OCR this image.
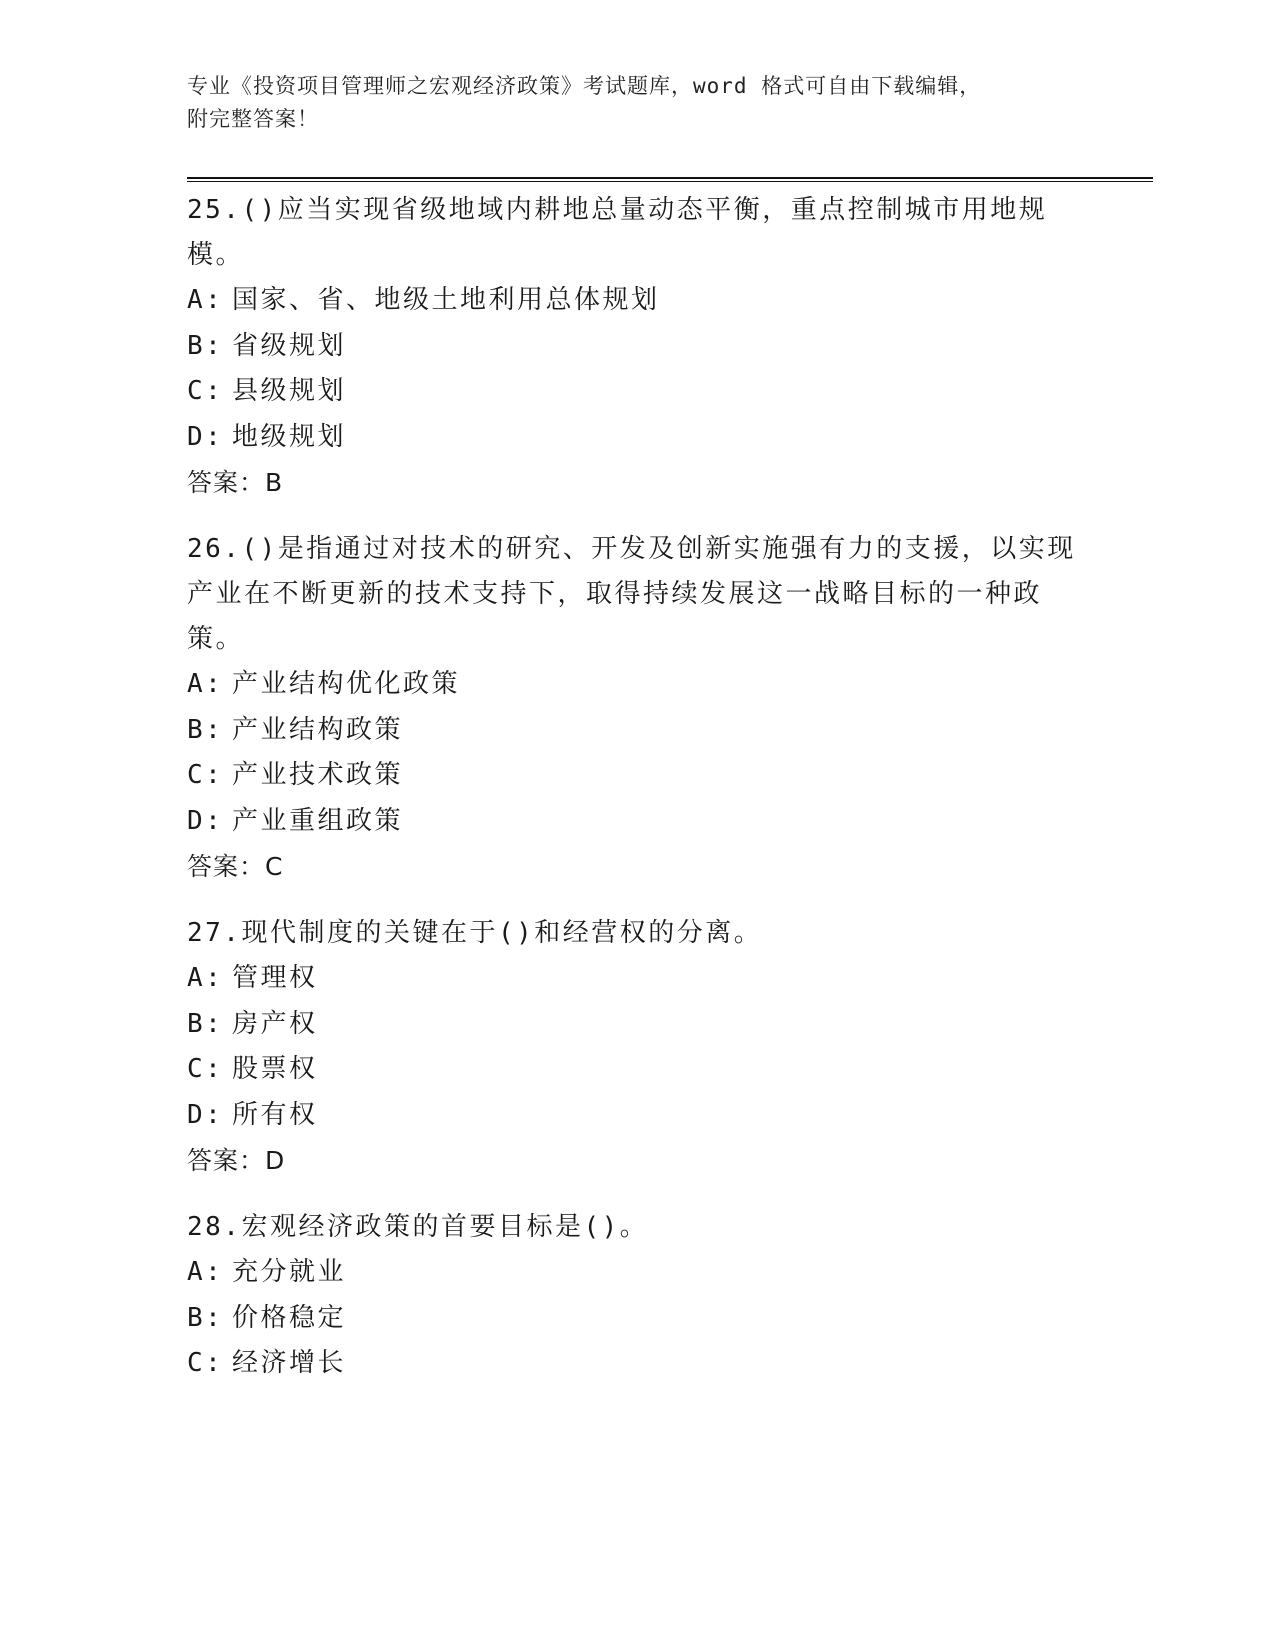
专业《投资项目管理师之宏观经济政策》考试题库，word 格式可自由下载编辑，
附完整答案！

25.()应当实现省级地域内耕地总量动态平衡，重点控制城市用地规模。

A: 国家、省、地级土地利用总体规划

B: 省级规划

C: 县级规划

D: 地级规划

答案：B

26.()是指通过对技术的研究、开发及创新实施强有力的支援，以实现产业在不断更新的技术支持下，取得持续发展这一战略目标的一种政策。

A: 产业结构优化政策

B: 产业结构政策

C: 产业技术政策

D: 产业重组政策

答案：C

27.现代制度的关键在于()和经营权的分离。

A: 管理权

B: 房产权

C: 股票权

D: 所有权

答案：D

28.宏观经济政策的首要目标是()。

A: 充分就业

B: 价格稳定

C: 经济增长
